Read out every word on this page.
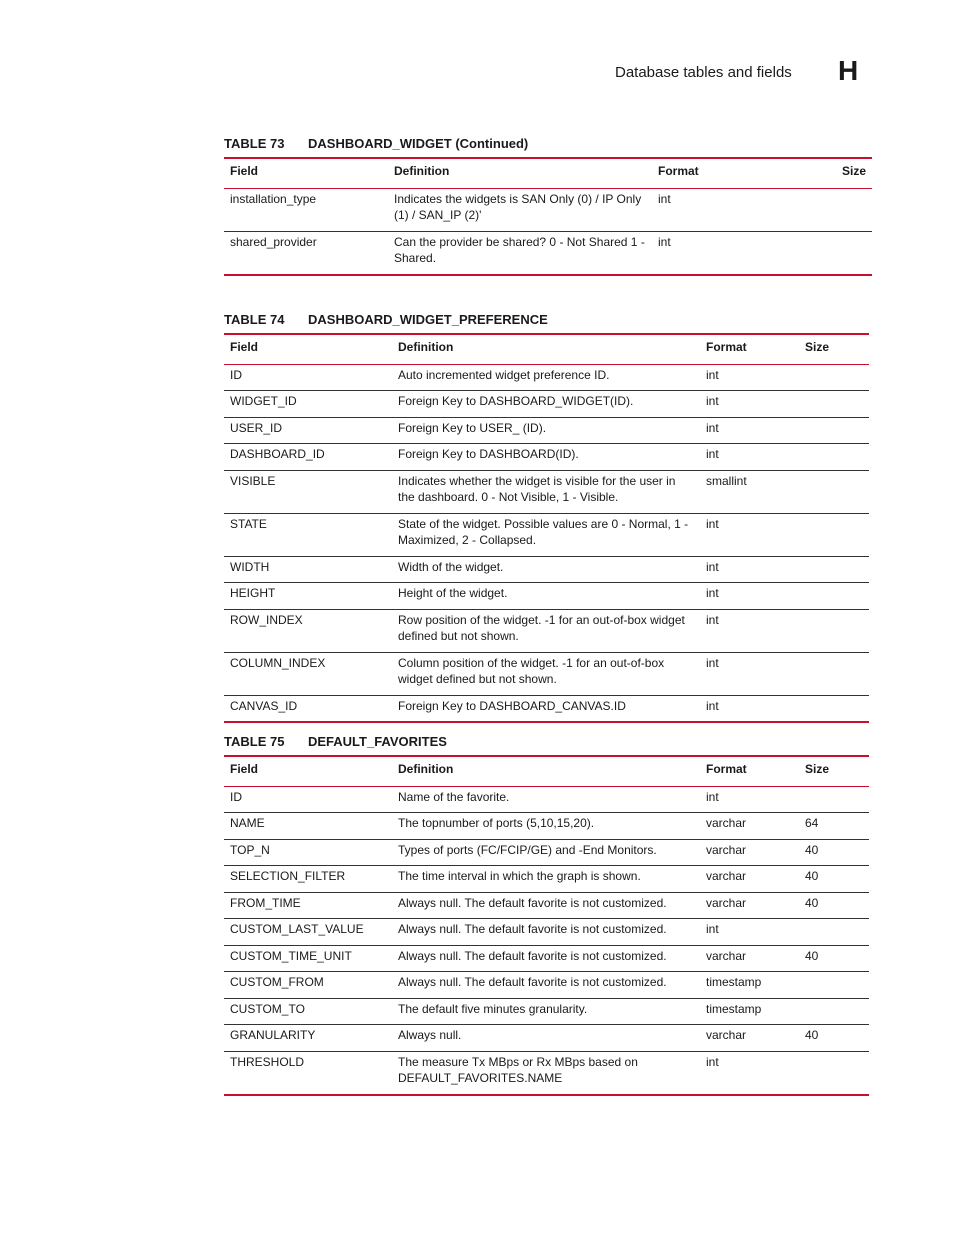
Database tables and fields H
TABLE 73	DASHBOARD_WIDGET (Continued)
Field	Definition	Format	Size
installation_type	Indicates the widgets is SAN Only (0) / IP Only (1) / SAN_IP (2)'	int	
shared_provider	Can the provider be shared? 0 - Not Shared 1 - Shared.	int	
TABLE 74	DASHBOARD_WIDGET_PREFERENCE
Field	Definition	Format	Size
ID	Auto incremented widget preference ID.	int	
WIDGET_ID	Foreign Key to DASHBOARD_WIDGET(ID).	int	
USER_ID	Foreign Key to USER_ (ID).	int	
DASHBOARD_ID	Foreign Key to DASHBOARD(ID).	int	
VISIBLE	Indicates whether the widget is visible for the user in the dashboard. 0 - Not Visible, 1 - Visible.	smallint	
STATE	State of the widget. Possible values are 0 - Normal, 1 - Maximized, 2 - Collapsed.	int	
WIDTH	Width of the widget.	int	
HEIGHT	Height of the widget.	int	
ROW_INDEX	Row position of the widget. -1 for an out-of-box widget defined but not shown.	int	
COLUMN_INDEX	Column position of the widget. -1 for an out-of-box widget defined but not shown.	int	
CANVAS_ID	Foreign Key to DASHBOARD_CANVAS.ID	int	
TABLE 75	DEFAULT_FAVORITES
Field	Definition	Format	Size
ID	Name of the favorite.	int	
NAME	The topnumber of ports (5,10,15,20).	varchar	64
TOP_N	Types of ports (FC/FCIP/GE) and -End Monitors.	varchar	40
SELECTION_FILTER	The time interval in which the graph is shown.	varchar	40
FROM_TIME	Always null. The default favorite is not customized.	varchar	40
CUSTOM_LAST_VALUE	Always null. The default favorite is not customized.	int	
CUSTOM_TIME_UNIT	Always null. The default favorite is not customized.	varchar	40
CUSTOM_FROM	Always null. The default favorite is not customized.	timestamp	
CUSTOM_TO	The default five minutes granularity.	timestamp	
GRANULARITY	Always null.	varchar	40
THRESHOLD	The measure Tx MBps or Rx MBps based on DEFAULT_FAVORITES.NAME	int	
